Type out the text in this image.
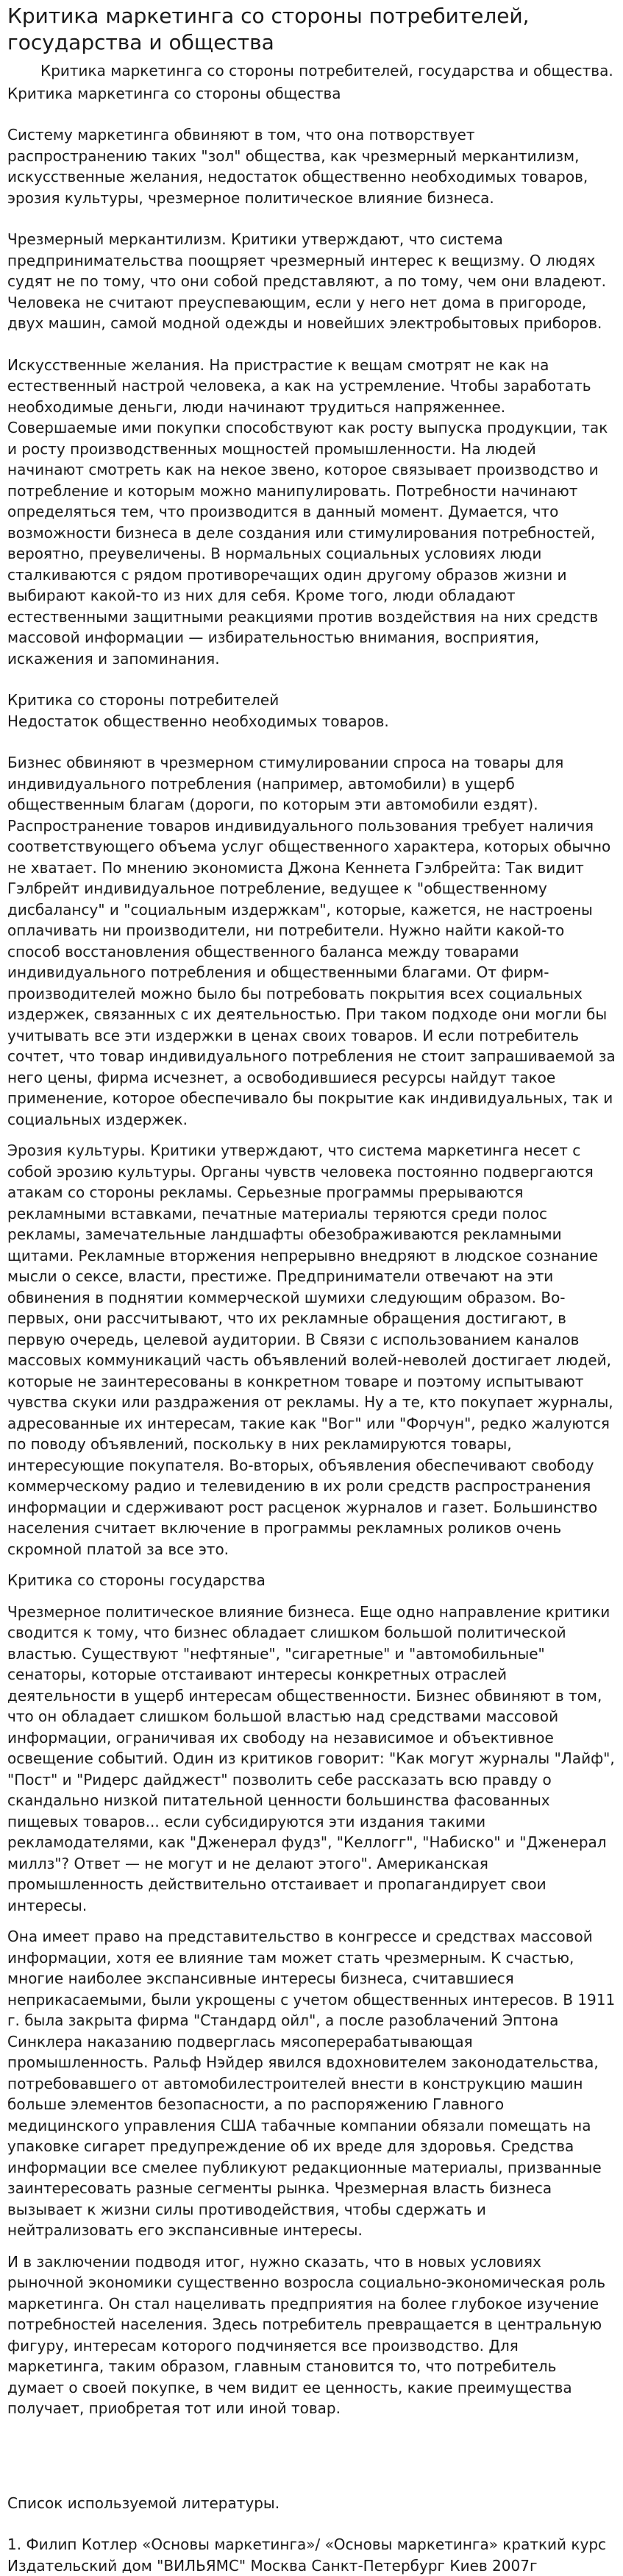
Критика маркетинга со стороны потребителей, государства и общества

Критика маркетинга со стороны потребителей, государства и общества.

Критика маркетинга со стороны общества

Систему маркетинга обвиняют в том, что она потворствует распространению таких "зол" общества, как чрезмерный меркантилизм, искусственные желания, недостаток общественно необходимых товаров, эрозия культуры, чрезмерное политическое влияние бизнеса.

Чрезмерный меркантилизм. Критики утверждают, что система предпринимательства поощряет чрезмерный интерес к вещизму. О людях судят не по тому, что они собой представляют, а по тому, чем они владеют. Человека не считают преуспевающим, если у него нет дома в пригороде, двух машин, самой модной одежды и новейших электробытовых приборов.

Искусственные желания. На пристрастие к вещам смотрят не как на естественный настрой человека, а как на устремление. Чтобы заработать необходимые деньги, люди начинают трудиться напряженнее. Совершаемые ими покупки способствуют как росту выпуска продукции, так и росту производственных мощностей промышленности. На людей начинают смотреть как на некое звено, которое связывает производство и потребление и которым можно манипулировать. Потребности начинают определяться тем, что производится в данный момент. Думается, что возможности бизнеса в деле создания или стимулирования потребностей, вероятно, преувеличены. В нормальных социальных условиях люди сталкиваются с рядом противоречащих один другому образов жизни и выбирают какой-то из них для себя. Кроме того, люди обладают естественными защитными реакциями против воздействия на них средств массовой информации — избирательностью внимания, восприятия, искажения и запоминания.

Критика со стороны потребителей

Недостаток общественно необходимых товаров.

Бизнес обвиняют в чрезмерном стимулировании спроса на товары для индивидуального потребления (например, автомобили) в ущерб общественным благам (дороги, по которым эти автомобили ездят). Распространение товаров индивидуального пользования требует наличия соответствующего объема услуг общественного характера, которых обычно не хватает. По мнению экономиста Джона Кеннета Гэлбрейта: Так видит Гэлбрейт индивидуальное потребление, ведущее к "общественному дисбалансу" и "социальным издержкам", которые, кажется, не настроены оплачивать ни производители, ни потребители. Нужно найти какой-то способ восстановления общественного баланса между товарами индивидуального потребления и общественными благами. От фирм-производителей можно было бы потребовать покрытия всех социальных издержек, связанных с их деятельностью. При таком подходе они могли бы учитывать все эти издержки в ценах своих товаров. И если потребитель сочтет, что товар индивидуального потребления не стоит запрашиваемой за него цены, фирма исчезнет, а освободившиеся ресурсы найдут такое применение, которое обеспечивало бы покрытие как индивидуальных, так и социальных издержек.

Эрозия культуры. Критики утверждают, что система маркетинга несет с собой эрозию культуры. Органы чувств человека постоянно подвергаются атакам со стороны рекламы. Серьезные программы прерываются рекламными вставками, печатные материалы теряются среди полос рекламы, замечательные ландшафты обезображиваются рекламными щитами. Рекламные вторжения непрерывно внедряют в людское сознание мысли о сексе, власти, престиже. Предприниматели отвечают на эти обвинения в поднятии коммерческой шумихи следующим образом. Во-первых, они рассчитывают, что их рекламные обращения достигают, в первую очередь, целевой аудитории. В Связи с использованием каналов массовых коммуникаций часть объявлений волей-неволей достигает людей, которые не заинтересованы в конкретном товаре и поэтому испытывают чувства скуки или раздражения от рекламы. Ну а те, кто покупает журналы, адресованные их интересам, такие как "Вог" или "Форчун", редко жалуются по поводу объявлений, поскольку в них рекламируются товары, интересующие покупателя. Во-вторых, объявления обеспечивают свободу коммерческому радио и телевидению в их роли средств распространения информации и сдерживают рост расценок журналов и газет. Большинство населения считает включение в программы рекламных роликов очень скромной платой за все это.

Критика со стороны государства

Чрезмерное политическое влияние бизнеса. Еще одно направление критики сводится к тому, что бизнес обладает слишком большой политической властью. Существуют "нефтяные", "сигаретные" и "автомобильные" сенаторы, которые отстаивают интересы конкретных отраслей деятельности в ущерб интересам общественности. Бизнес обвиняют в том, что он обладает слишком большой властью над средствами массовой информации, ограничивая их свободу на независимое и объективное освещение событий. Один из критиков говорит: "Как могут журналы "Лайф", "Пост" и "Ридерс дайджест" позволить себе рассказать всю правду о скандально низкой питательной ценности большинства фасованных пищевых товаров... если субсидируются эти издания такими рекламодателями, как "Дженерал фудз", "Келлогг", "Набиско" и "Дженерал миллз"? Ответ — не могут и не делают этого". Американская промышленность действительно отстаивает и пропагандирует свои интересы.

Она имеет право на представительство в конгрессе и средствах массовой информации, хотя ее влияние там может стать чрезмерным. К счастью, многие наиболее экспансивные интересы бизнеса, считавшиеся неприкасаемыми, были укрощены с учетом общественных интересов. В 1911 г. была закрыта фирма "Стандард ойл", а после разоблачений Эптона Синклера наказанию подверглась мясоперерабатывающая промышленность. Ральф Нэйдер явился вдохновителем законодательства, потребовавшего от автомобилестроителей внести в конструкцию машин больше элементов безопасности, а по распоряжению Главного медицинского управления США табачные компании обязали помещать на упаковке сигарет предупреждение об их вреде для здоровья. Средства информации все смелее публикуют редакционные материалы, призванные заинтересовать разные сегменты рынка. Чрезмерная власть бизнеса вызывает к жизни силы противодействия, чтобы сдержать и нейтрализовать его экспансивные интересы.

И в заключении подводя итог, нужно сказать, что в новых условиях рыночной экономики существенно возросла социально-экономическая роль маркетинга. Он стал нацеливать предприятия на более глубокое изучение потребностей населения. Здесь потребитель превращается в центральную фигуру, интересам которого подчиняется все производство. Для маркетинга, таким образом, главным становится то, что потребитель думает о своей покупке, в чем видит ее ценность, какие преимущества получает, приобретая тот или иной товар.

Список используемой литературы.

1. Филип Котлер «Основы маркетинга»/ «Основы маркетинга» краткий курс Издательский дом "ВИЛЬЯМС" Москва Санкт-Петербург Киев 2007г
